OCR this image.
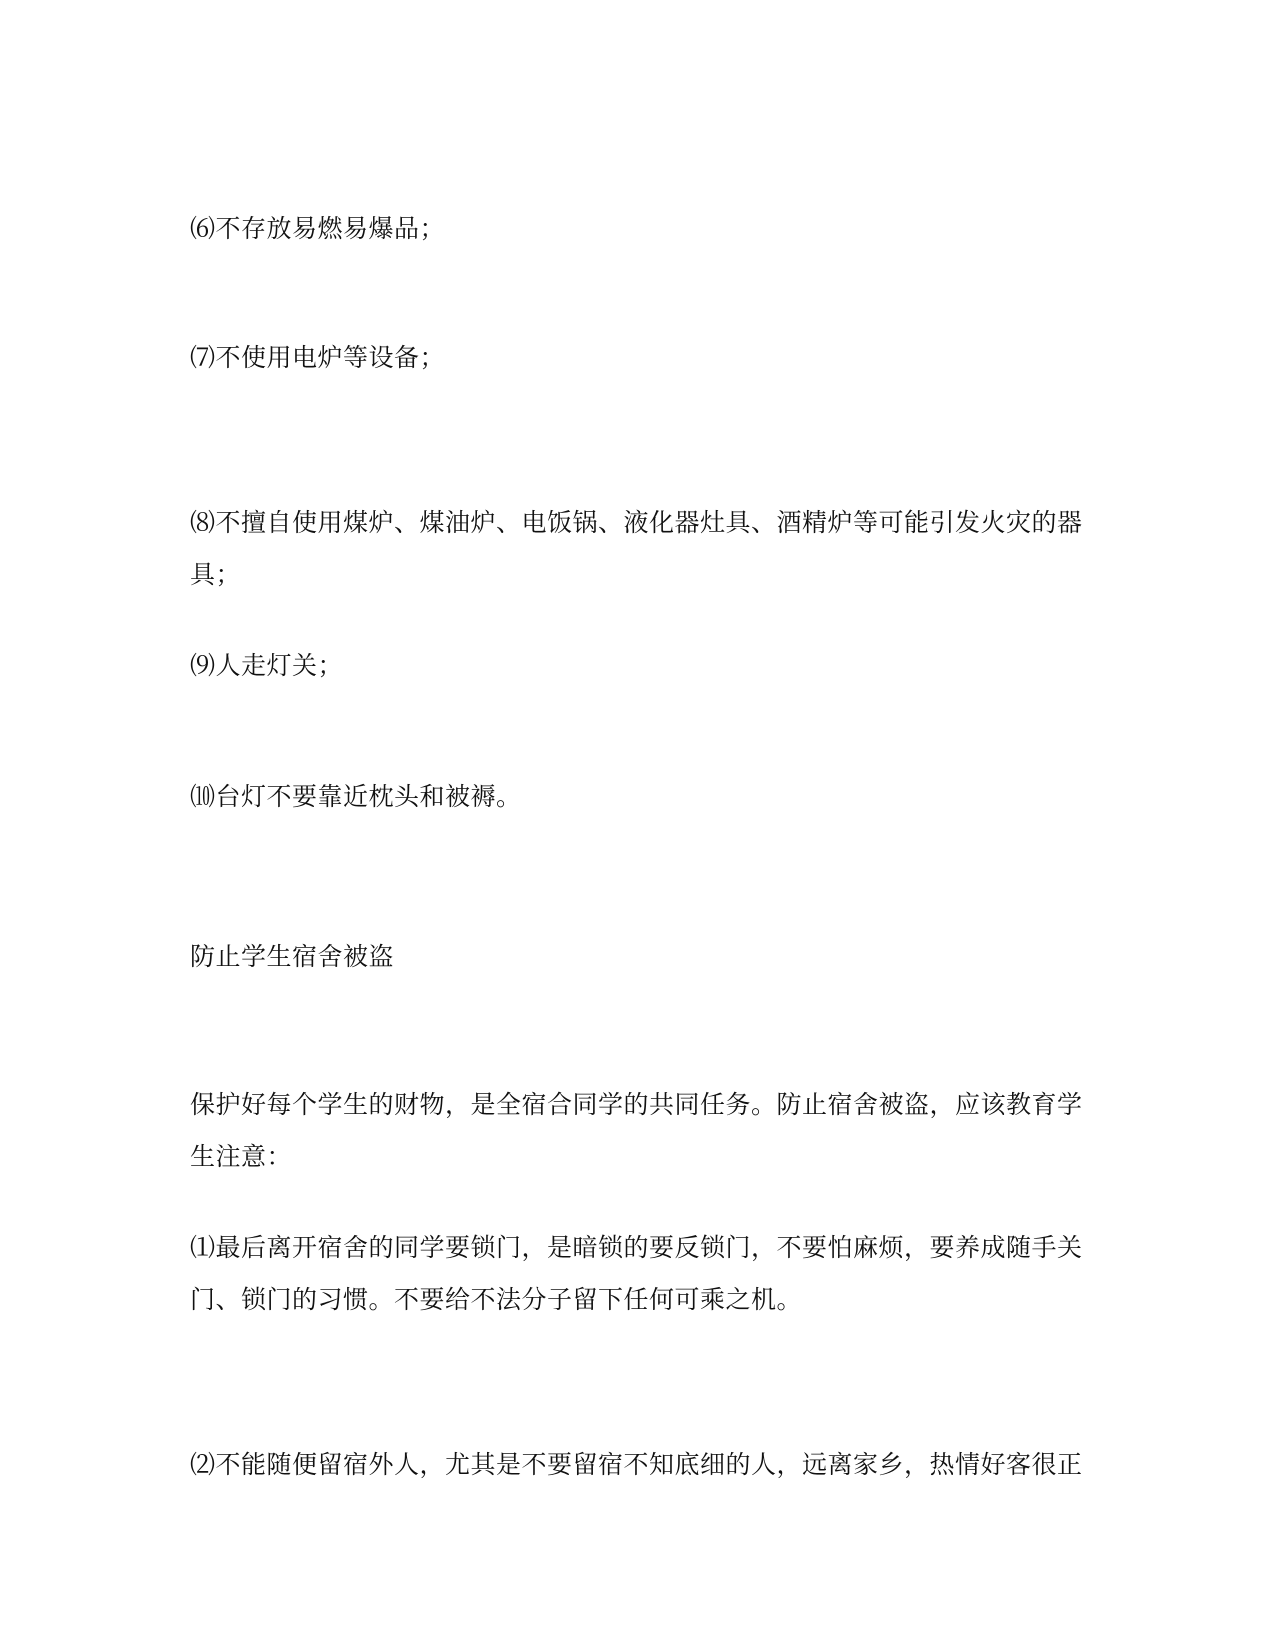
⑹不存放易燃易爆品；
⑺不使用电炉等设备；
⑻不擅自使用煤炉、煤油炉、电饭锅、液化器灶具、酒精炉等可能引发火灾的器
具；
⑼人走灯关；
⑽台灯不要靠近枕头和被褥。
防止学生宿舍被盗
保护好每个学生的财物，是全宿合同学的共同任务。防止宿舍被盗，应该教育学
生注意：
⑴最后离开宿舍的同学要锁门，是暗锁的要反锁门，不要怕麻烦，要养成随手关
门、锁门的习惯。不要给不法分子留下任何可乘之机。
⑵不能随便留宿外人，尤其是不要留宿不知底细的人，远离家乡，热情好客很正
